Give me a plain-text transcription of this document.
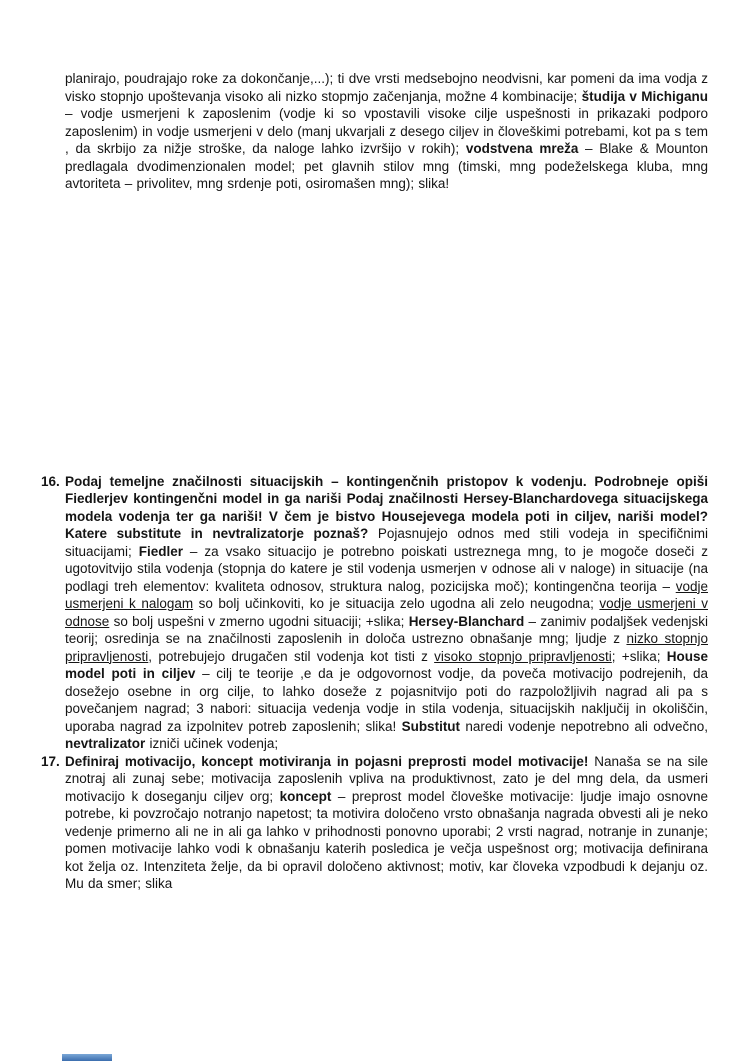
planirajo, poudrajajo roke za dokončanje,...); ti dve vrsti medsebojno neodvisni, kar pomeni da ima vodja z visko stopnjo upoštevanja visoko ali nizko stopmjo začenjanja, možne 4 kombinacije; študija v Michiganu – vodje usmerjeni k zaposlenim (vodje ki so vpostavili visoke cilje uspešnosti in prikazaki podporo zaposlenim) in vodje usmerjeni v delo (manj ukvarjali z desego ciljev in človeškimi potrebami, kot pa s tem , da skrbijo za nižje stroške, da naloge lahko izvršijo v rokih); vodstvena mreža – Blake & Mounton predlagala dvodimenzionalen model; pet glavnih stilov mng (timski, mng podeželskega kluba, mng avtoriteta – privolitev, mng srdenje poti, osiromašen mng); slika!

16. Podaj temeljne značilnosti situacijskih – kontingenčnih pristopov k vodenju. Podrobneje opiši Fiedlerjev kontingenčni model in ga nariši Podaj značilnosti Hersey-Blanchardovega situacijskega modela vodenja ter ga nariši! V čem je bistvo Housejevega modela poti in ciljev, nariši model? Katere substitute in nevtralizatorje poznaš? Pojasnujejo odnos med stili vodeja in specifičnimi situacijami; Fiedler – za vsako situacijo je potrebno poiskati ustreznega mng, to je mogoče doseči z ugotovitvijo stila vodenja (stopnja do katere je stil vodenja usmerjen v odnose ali v naloge) in situacije (na podlagi treh elementov: kvaliteta odnosov, struktura nalog, pozicijska moč); kontingenčna teorija – vodje usmerjeni k nalogam so bolj učinkoviti, ko je situacija zelo ugodna ali zelo neugodna; vodje usmerjeni v odnose so bolj uspešni v zmerno ugodni situaciji; +slika; Hersey-Blanchard – zanimiv podaljšek vedenjski teorij; osredinja se na značilnosti zaposlenih in določa ustrezno obnašanje mng; ljudje z nizko stopnjo pripravljenosti, potrebujejo drugačen stil vodenja kot tisti z visoko stopnjo pripravljenosti; +slika; House model poti in ciljev – cilj te teorije ,e da je odgovornost vodje, da poveča motivacijo podrejenih, da dosežejo osebne in org cilje, to lahko doseže z pojasnitvijo poti do razpoložljivih nagrad ali pa s povečanjem nagrad; 3 nabori: situacija vedenja vodje in stila vodenja, situacijskih naključij in okoliščin, uporaba nagrad za izpolnitev potreb zaposlenih; slika! Substitut naredi vodenje nepotrebno ali odvečno, nevtralizator izniči učinek vodenja;

17. Definiraj motivacijo, koncept motiviranja in pojasni preprosti model motivacije! Nanaša se na sile znotraj ali zunaj sebe; motivacija zaposlenih vpliva na produktivnost, zato je del mng dela, da usmeri motivacijo k doseganju ciljev org; koncept – preprost model človeške motivacije: ljudje imajo osnovne potrebe, ki povzročajo notranjo napetost; ta motivira določeno vrsto obnašanja nagrada obvesti ali je neko vedenje primerno ali ne in ali ga lahko v prihodnosti ponovno uporabi; 2 vrsti nagrad, notranje in zunanje; pomen motivacije lahko vodi k obnašanju katerih posledica je večja uspešnost org; motivacija definirana kot želja oz. Intenziteta želje, da bi opravil določeno aktivnost; motiv, kar človeka vzpodbudi k dejanju oz. Mu da smer; slika
